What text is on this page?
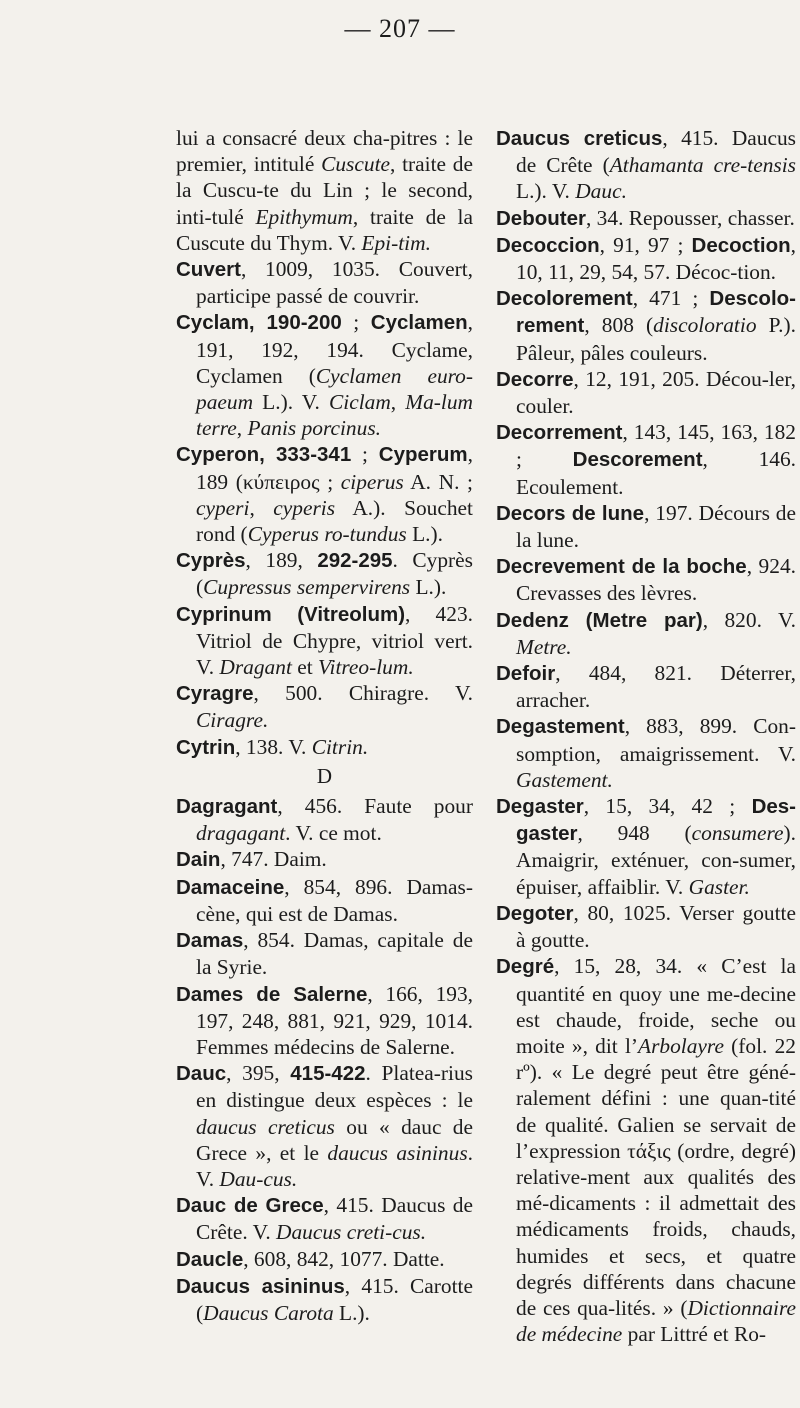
— 207 —

lui a consacré deux cha-pitres : le premier, intitulé Cuscute, traite de la Cuscu-te du Lin ; le second, inti-tulé Epithymum, traite de la Cuscute du Thym. V. Epi-tim.

Cuvert, 1009, 1035. Couvert, participe passé de couvrir.

Cyclam, 190-200 ; Cyclamen, 191, 192, 194. Cyclame, Cyclamen (Cyclamen euro-paeum L.). V. Ciclam, Ma-lum terre, Panis porcinus.

Cyperon, 333-341 ; Cyperum, 189 (κύπειρος ; ciperus A. N. ; cyperi, cyperis A.). Souchet rond (Cyperus ro-tundus L.).

Cyprès, 189, 292-295. Cyprès (Cupressus sempervirens L.).

Cyprinum (Vitreolum), 423. Vitriol de Chypre, vitriol vert. V. Dragant et Vitreo-lum.

Cyragre, 500. Chiragre. V. Ciragre.

Cytrin, 138. V. Citrin.

D

Dagragant, 456. Faute pour dragagant. V. ce mot.

Dain, 747. Daim.

Damaceine, 854, 896. Damas-cène, qui est de Damas.

Damas, 854. Damas, capitale de la Syrie.

Dames de Salerne, 166, 193, 197, 248, 881, 921, 929, 1014. Femmes médecins de Salerne.

Dauc, 395, 415-422. Platea-rius en distingue deux espèces : le daucus creticus ou « dauc de Grece », et le daucus asininus. V. Dau-cus.

Dauc de Grece, 415. Daucus de Crête. V. Daucus creti-cus.

Daucle, 608, 842, 1077. Datte.

Daucus asininus, 415. Carotte (Daucus Carota L.).

Daucus creticus, 415. Daucus de Crête (Athamanta cre-tensis L.). V. Dauc.

Debouter, 34. Repousser, chasser.

Decoccion, 91, 97 ; Decoction, 10, 11, 29, 54, 57. Décoc-tion.

Decolorement, 471 ; Descolo-rement, 808 (discoloratio P.). Pâleur, pâles couleurs.

Decorre, 12, 191, 205. Décou-ler, couler.

Decorrement, 143, 145, 163, 182 ; Descorement, 146. Ecoulement.

Decors de lune, 197. Décours de la lune.

Decrevement de la boche, 924. Crevasses des lèvres.

Dedenz (Metre par), 820. V. Metre.

Defoir, 484, 821. Déterrer, arracher.

Degastement, 883, 899. Con-somption, amaigrissement. V. Gastement.

Degaster, 15, 34, 42 ; Des-gaster, 948 (consumere). Amaigrir, exténuer, con-sumer, épuiser, affaiblir. V. Gaster.

Degoter, 80, 1025. Verser goutte à goutte.

Degré, 15, 28, 34. « C’est la quantité en quoy une me-decine est chaude, froide, seche ou moite », dit l’Arbolayre (fol. 22 rº). « Le degré peut être géné-ralement défini : une quan-tité de qualité. Galien se servait de l’expression τάξις (ordre, degré) relative-ment aux qualités des mé-dicaments : il admettait des médicaments froids, chauds, humides et secs, et quatre degrés différents dans chacune de ces qua-lités. » (Dictionnaire de médecine par Littré et Ro-
